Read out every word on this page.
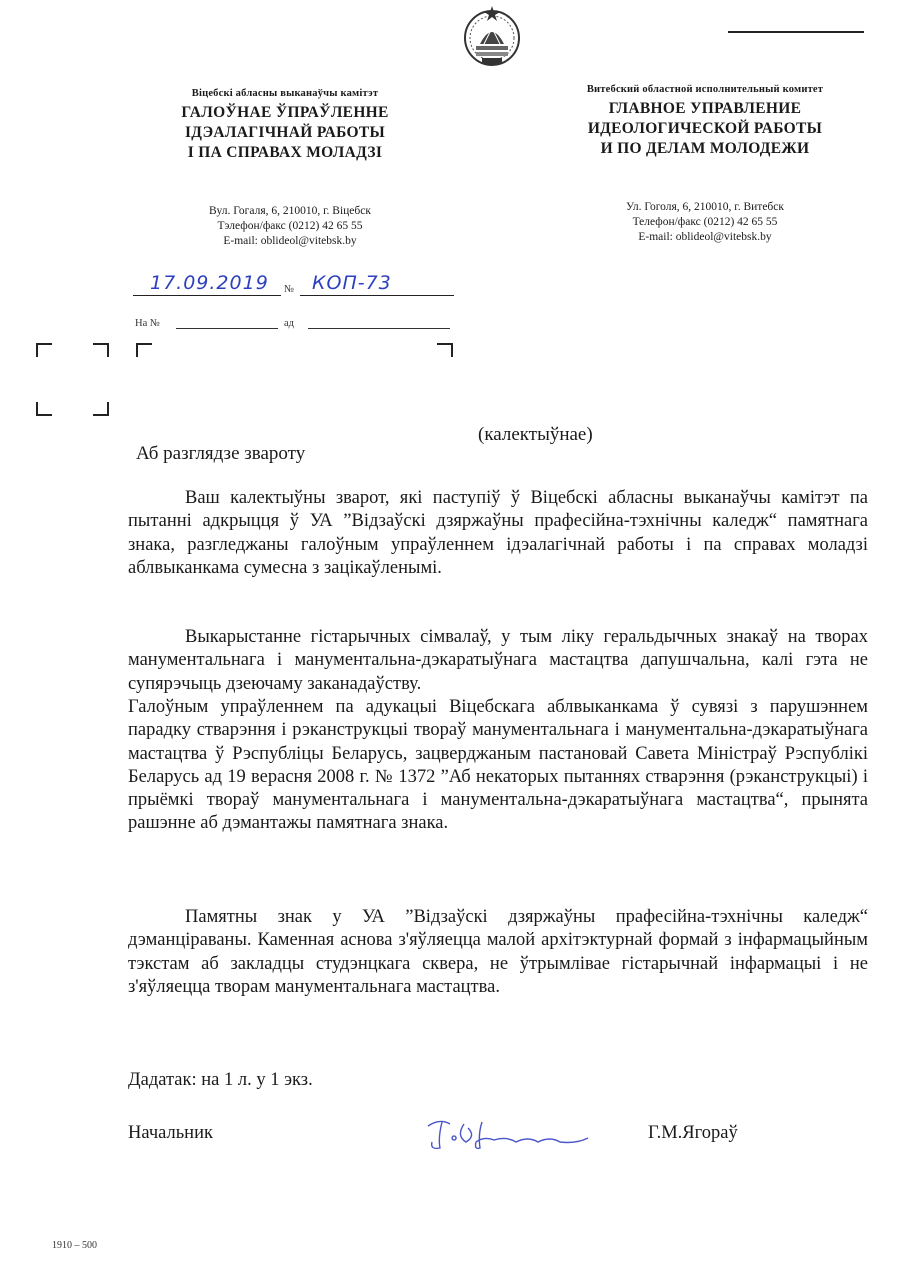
Віцебскі абласны выканаўчы камітэт
ГАЛОЎНАЕ ЎПРАЎЛЕННЕ
ІДЭАЛАГІЧНАЙ РАБОТЫ
І ПА СПРАВАХ МОЛАДЗІ
Витебский областной исполнительный комитет
ГЛАВНОЕ УПРАВЛЕНИЕ
ИДЕОЛОГИЧЕСКОЙ РАБОТЫ
И ПО ДЕЛАМ МОЛОДЕЖИ
Вул. Гогаля, 6, 210010, г. Віцебск
Тэлефон/факс (0212) 42 65 55
E-mail: oblideol@vitebsk.by
Ул. Гоголя, 6, 210010, г. Витебск
Телефон/факс (0212) 42 65 55
E-mail: oblideol@vitebsk.by
17.09.2019 № КОП-73
На №	ад
(калектыўнае)
Аб разглядзе звароту

Ваш калектыўны зварот, які паступіў ў Віцебскі абласны выканаўчы камітэт па пытанні адкрыцця ў УА ”Відзаўскі дзяржаўны прафесійна-тэхнічны каледж“ памятнага знака, разгледжаны галоўным упраўленнем ідэалагічнай работы і па справах моладзі аблвыканкама сумесна з зацікаўленымі.

Выкарыстанне гістарычных сімвалаў, у тым ліку геральдычных знакаў на творах манументальнага і манументальна-дэкаратыўнага мастацтва дапушчальна, калі гэта не супярэчыць дзеючаму заканадаўству.

Галоўным упраўленнем па адукацыі Віцебскага аблвыканкама ў сувязі з парушэннем парадку стварэння і рэканструкцыі твораў манументальнага і манументальна-дэкаратыўнага мастацтва ў Рэспубліцы Беларусь, зацверджаным пастановай Савета Міністраў Рэспублікі Беларусь ад 19 верасня 2008 г. № 1372 ”Аб некаторых пытаннях стварэння (рэканструкцыі) і прыёмкі твораў манументальнага і манументальна-дэкаратыўнага мастацтва“, прынята рашэнне аб дэмантажы памятнага знака.

Памятны знак у УА ”Відзаўскі дзяржаўны прафесійна-тэхнічны каледж“ дэманціраваны. Каменная аснова з'яўляецца малой архітэктурнай формай з інфармацыйным тэкстам аб закладцы студэнцкага сквера, не ўтрымлівае гістарычнай інфармацыі і не з'яўляецца творам манументальнага мастацтва.

Дадатак: на 1 л. у 1 экз.
Начальник	Г.М.Ягораў
1910 – 500
